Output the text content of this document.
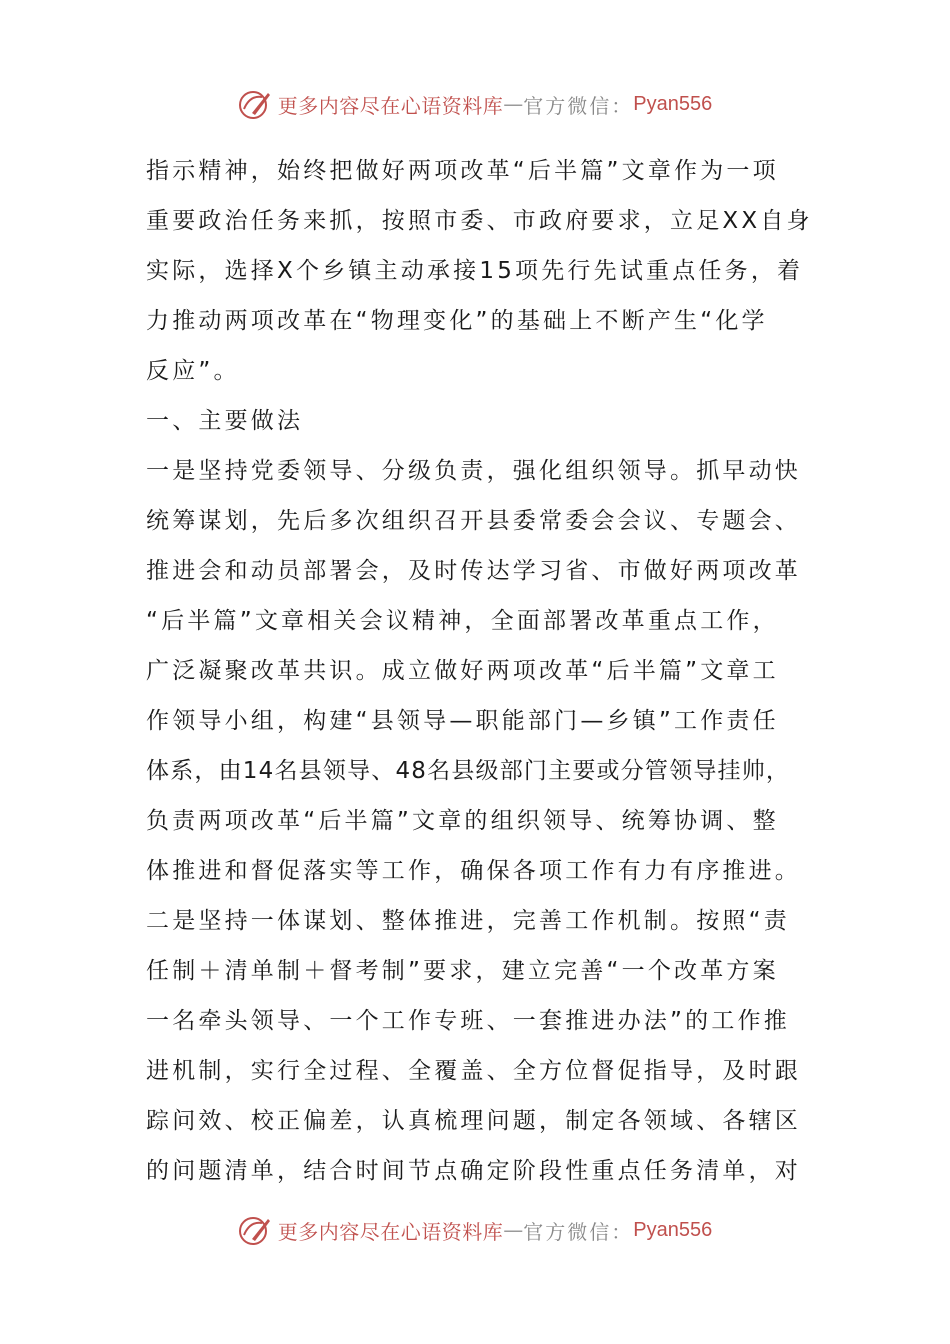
更多内容尽在心语资料库 — 官方微信： Pyan556
指示精神，始终把做好两项改革“后半篇”文章作为一项
重要政治任务来抓，按照市委、市政府要求，立足XX自身
实际，选择X个乡镇主动承接15项先行先试重点任务，着
力推动两项改革在“物理变化”的基础上不断产生“化学
反应”。
一、主要做法
一是坚持党委领导、分级负责，强化组织领导。抓早动快
统筹谋划，先后多次组织召开县委常委会会议、专题会、
推进会和动员部署会，及时传达学习省、市做好两项改革
“后半篇”文章相关会议精神，全面部署改革重点工作，
广泛凝聚改革共识。成立做好两项改革“后半篇”文章工
作领导小组，构建“县领导—职能部门—乡镇”工作责任
体系，由14名县领导、48名县级部门主要或分管领导挂帅，
负责两项改革“后半篇”文章的组织领导、统筹协调、整
体推进和督促落实等工作，确保各项工作有力有序推进。
二是坚持一体谋划、整体推进，完善工作机制。按照“责
任制＋清单制＋督考制”要求，建立完善“一个改革方案
一名牵头领导、一个工作专班、一套推进办法”的工作推
进机制，实行全过程、全覆盖、全方位督促指导，及时跟
踪问效、校正偏差，认真梳理问题，制定各领域、各辖区
的问题清单，结合时间节点确定阶段性重点任务清单，对
更多内容尽在心语资料库 — 官方微信： Pyan556
